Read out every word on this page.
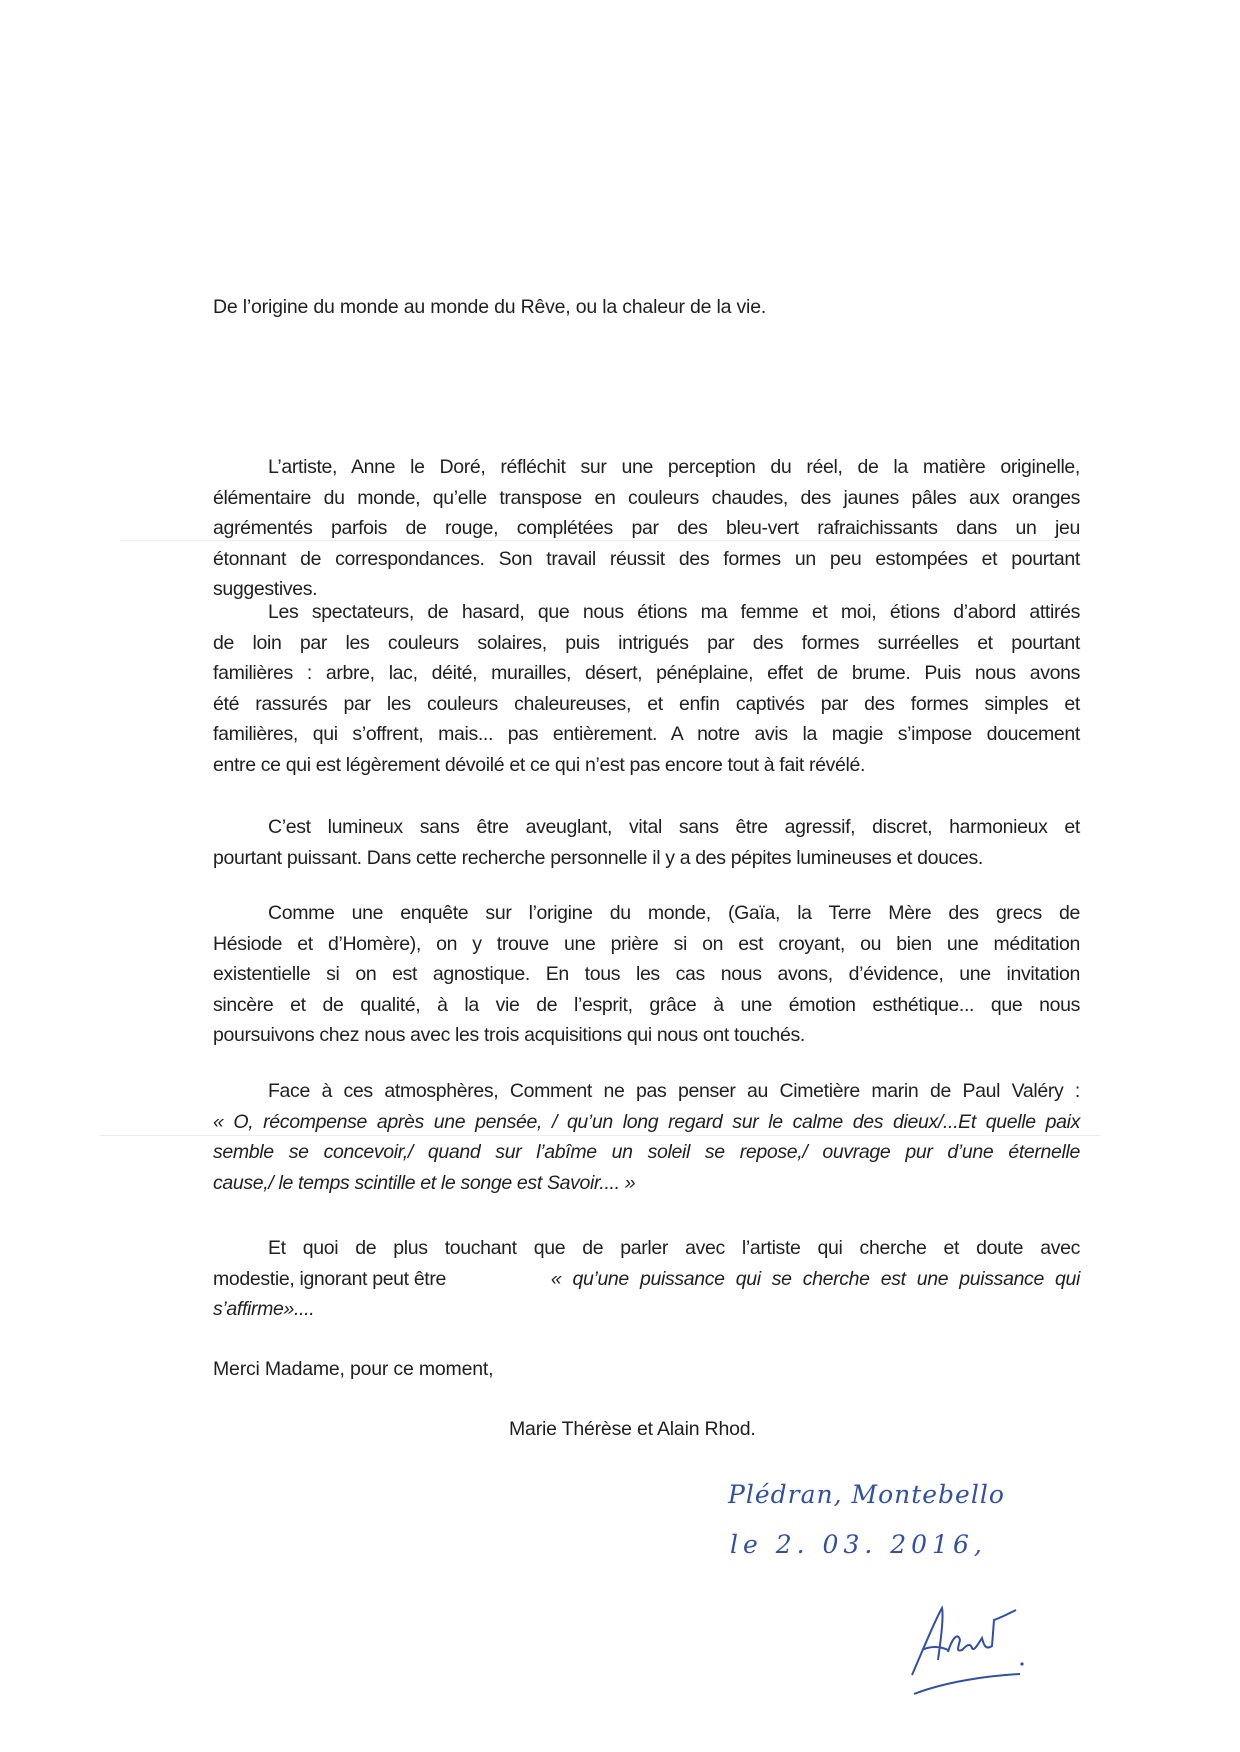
De l’origine du monde au monde du Rêve, ou la chaleur de la vie.
L’artiste, Anne le Doré, réfléchit sur une perception du réel, de la matière originelle,
élémentaire du monde, qu’elle transpose en couleurs chaudes, des jaunes pâles aux oranges
agrémentés parfois de rouge, complétées par des bleu-vert rafraichissants dans un jeu
étonnant de correspondances. Son travail réussit des formes un peu estompées et pourtant
suggestives.
Les spectateurs, de hasard, que nous étions ma femme et moi, étions d’abord attirés
de loin par les couleurs solaires, puis intrigués par des formes surréelles et pourtant
familières : arbre, lac, déité, murailles, désert, pénéplaine, effet de brume. Puis nous avons
été rassurés par les couleurs chaleureuses, et enfin captivés par des formes simples et
familières, qui s’offrent, mais... pas entièrement. A notre avis la magie s’impose doucement
entre ce qui est légèrement dévoilé et ce qui n’est pas encore tout à fait révélé.
C’est lumineux sans être aveuglant, vital sans être agressif, discret, harmonieux et
pourtant puissant. Dans cette recherche personnelle il y a des pépites lumineuses et douces.
Comme une enquête sur l’origine du monde, (Gaïa, la Terre Mère des grecs de
Hésiode et d’Homère), on y trouve une prière si on est croyant, ou bien une méditation
existentielle si on est agnostique. En tous les cas nous avons, d’évidence, une invitation
sincère et de qualité, à la vie de l’esprit, grâce à une émotion esthétique... que nous
poursuivons chez nous avec les trois acquisitions qui nous ont touchés.
Face à ces atmosphères, Comment ne pas penser au Cimetière marin de Paul Valéry :
« O, récompense après une pensée, / qu’un long regard sur le calme des dieux/...Et quelle paix
semble se concevoir,/ quand sur l’abîme un soleil se repose,/ ouvrage pur d’une éternelle
cause,/ le temps scintille et le songe est Savoir.... »
Et quoi de plus touchant que de parler avec l’artiste qui cherche et doute avec
modestie, ignorant peut être	« qu’une puissance qui se cherche est une puissance qui
s’affirme»....
Merci Madame, pour ce moment,
Marie Thérèse et Alain Rhod.
Plédran, Montebello
le 2. 03. 2016,
